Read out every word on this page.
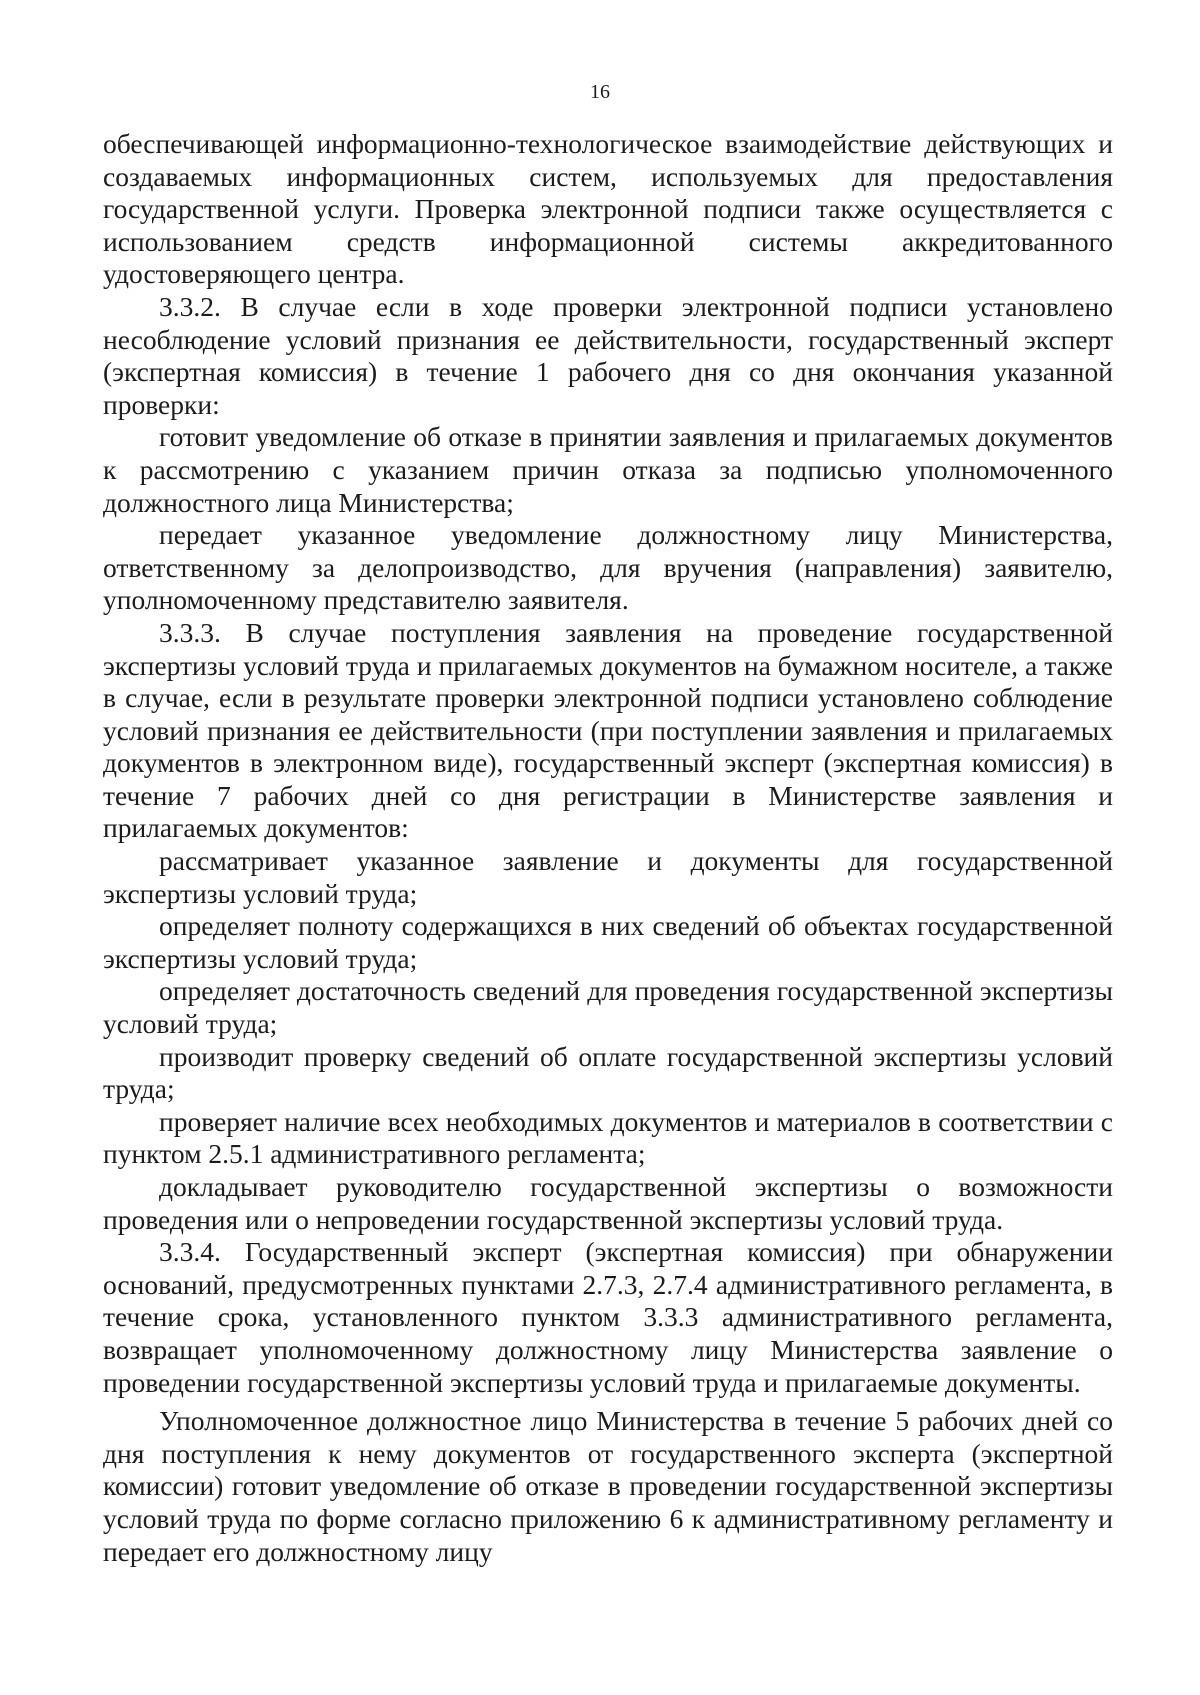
16

обеспечивающей информационно-технологическое взаимодействие действующих и создаваемых информационных систем, используемых для предоставления государственной услуги. Проверка электронной подписи также осуществляется с использованием средств информационной системы аккредитованного удостоверяющего центра.

3.3.2. В случае если в ходе проверки электронной подписи установлено несоблюдение условий признания ее действительности, государственный эксперт (экспертная комиссия) в течение 1 рабочего дня со дня окончания указанной проверки:

готовит уведомление об отказе в принятии заявления и прилагаемых документов к рассмотрению с указанием причин отказа за подписью уполномоченного должностного лица Министерства;

передает указанное уведомление должностному лицу Министерства, ответственному за делопроизводство, для вручения (направления) заявителю, уполномоченному представителю заявителя.

3.3.3. В случае поступления заявления на проведение государственной экспертизы условий труда и прилагаемых документов на бумажном носителе, а также в случае, если в результате проверки электронной подписи установлено соблюдение условий признания ее действительности (при поступлении заявления и прилагаемых документов в электронном виде), государственный эксперт (экспертная комиссия) в течение 7 рабочих дней со дня регистрации в Министерстве заявления и прилагаемых документов:

рассматривает указанное заявление и документы для государственной экспертизы условий труда;

определяет полноту содержащихся в них сведений об объектах государственной экспертизы условий труда;

определяет достаточность сведений для проведения государственной экспертизы условий труда;

производит проверку сведений об оплате государственной экспертизы условий труда;

проверяет наличие всех необходимых документов и материалов в соответствии с пунктом 2.5.1 административного регламента;

докладывает руководителю государственной экспертизы о возможности проведения или о непроведении государственной экспертизы условий труда.

3.3.4. Государственный эксперт (экспертная комиссия) при обнаружении оснований, предусмотренных пунктами 2.7.3, 2.7.4 административного регламента, в течение срока, установленного пунктом 3.3.3 административного регламента, возвращает уполномоченному должностному лицу Министерства заявление о проведении государственной экспертизы условий труда и прилагаемые документы.

Уполномоченное должностное лицо Министерства в течение 5 рабочих дней со дня поступления к нему документов от государственного эксперта (экспертной комиссии) готовит уведомление об отказе в проведении государственной экспертизы условий труда по форме согласно приложению 6 к административному регламенту и передает его должностному лицу
